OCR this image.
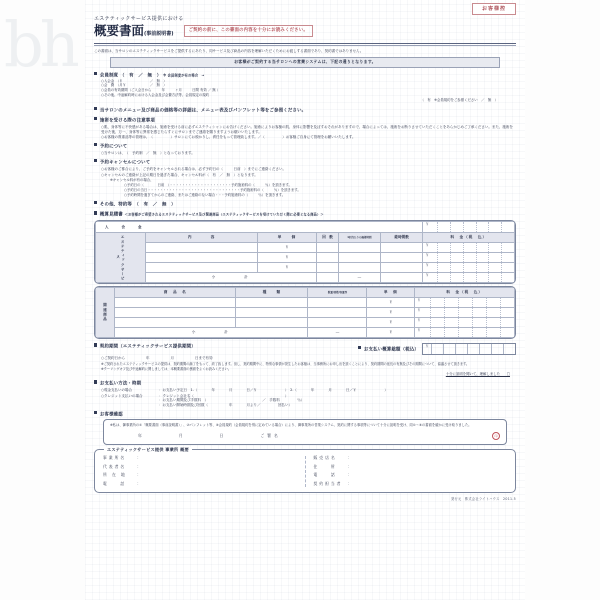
bh	お客様控
エステティックサービス提供における
概要書面(事前説明書)
ご契約の前に、この書面の内容を十分にお読みください。
この書面は、当サロンのエステティックサービスをご提供するにあたり、同サービス及び商品の内容を理解いただくためにお渡しする書面であり、契約書ではありません。
お客様がご契約する当サロンへの営業システムは、下記の通りとなります。
会員制度 （　有　／　無　） ※ 会員制度が有の場合　→
○入会金　（￥　　　　　　　　／　無　）
○会　費　（月￥　　　　　　　／　無　）
○会員の有効期間（ご入会日から　　　年　　　ヶ月　　　日間 有効 ／ 無 ）
○その他、中途解約時における入会金及び会費方法等、会員規定の規約
（　有　※会員規約をご参照ください　／　無　）
当サロンのメニュー及び商品の価格等の詳細は、メニュー表及びパンフレット等をご参照ください。
施術を受ける際の注意事項
○肌、身体等に不快感がある場合は、施術を受ける前に必ずエステティシャンにお告げください。施術によりお客様の肌、身体に影響を及ぼすおそれがありますので、場合によっては、施術をお断りさせていただくことをあらかじめご了承ください。また、施術を受けた後、万一、身体等に異常を感じたらすぐにサロンまでご連絡を賜りますようお願いいたします。
○お客様の貴重品等の管理は、（　　　　　）サロンにてお預かりし、責任をもって管理致します。／（　　　　　）お客様ご自身にて管理をお願いいたします。
予約について
○当サロンは、（　予約制　／　無　）となっております。
予約キャンセルについて
○お客様のご都合により、ご予約をキャンセルされる場合は、必ず予約日の（　　　日前　）までにご連絡ください。
○キャンセルのご連絡が上記の期日を過ぎた場合、キャンセル料が（　有　／　無　）となります。
※キャンセル料が有の場合、
○予約日の（　　　　日前　）・・・・・・・・・・・・・・・・・・・・予約施術料の（　　　％）を頂きます。
○予約日の当日・・・・・・・・・・・・・・・・・・・・・・・・・・・・・・予約施術料の（　　　％）を頂きます。
○予約時間を過ぎてからのご連絡、またはご連絡のない場合・・・予約施術料の（　　　％）を頂きます。
その他、特約等　（　有　／　無　）
概算見積書 ＜お客様がご希望されるエステティックサービス及び関連商品（エステティックサービスを受けていただく際に必要となる商品）＞
入　　会　　金						￥

エステティックサービス	内　　　　容	単　　価	回　数	1回当たりの施術時間	総時間数	料　金（税　込）
		￥				￥

		￥				￥

		￥				￥

	小　　　　計			―		￥
関連商品	商　品　名	種　　類	数量/回数/容量等	単　価	料　金（税　込）
				￥	￥

				￥	￥

				￥	￥

	小　　　　計		―	￥	￥
契約期間（エステティックサービス提供期間）
お支払い概算総額（税込）
￥
○ご契約日から　　　　　　年　　　　　　月　　　　　　日まで有効
※ご契約されたエステティックサービスの提供は、契約期間の満了をもって、終了致します。但し、契約期間中に、特別な事情が発生したお客様は、当事務所にお申し出を頂くことにより、契約期間の延長の有無及びその期間について、協議させて頂きます。
※クーリングオフ及び中途解約に関しましては、本概要書面の裏面をよくお読みください。
十分に説明を聞いて、理解しました　　□
お支払い方法・時期
○現金支払いの場合	：お支払い予定日　1.（　　　　年　　　　月　　　　日／￥　　　　　　　　）　2.（　　　　年　　　　月　　　　日／￥　　　　　　　　）
○クレジット支払いの場合	：クレジット会社名（　　　　　　　　　　　　　　　　　　　　　　　　　　）
：お支払い期間及び手数料　（　　　　　　　　　　　　　　　　／　手数料　　　　　％）
：お支払い開始時期及び回数（　　　　　　年　　　　月より／　　　　　回払い）
お客様確認
※私は、御事業所の①「概要書面（事前説明書）」、②パンフレット等、③会員規約（会員規約を別に定めている場合）により、御事業所の営業システム、契約に関する事項等について十分に説明を受け、同①～③の書面を確かに受け取りました。
年　　　　　月　　　　　日　　　　　ご署名	印
エステティックサービス提供 事業所 概要
事業所名	：
代表者名	：
所 在 地	：
電　　話	：
販売店名	：
住　　所	：
電　　話	：
契約担当者	：
発行元　株式会社ライトハウス　2011.5
